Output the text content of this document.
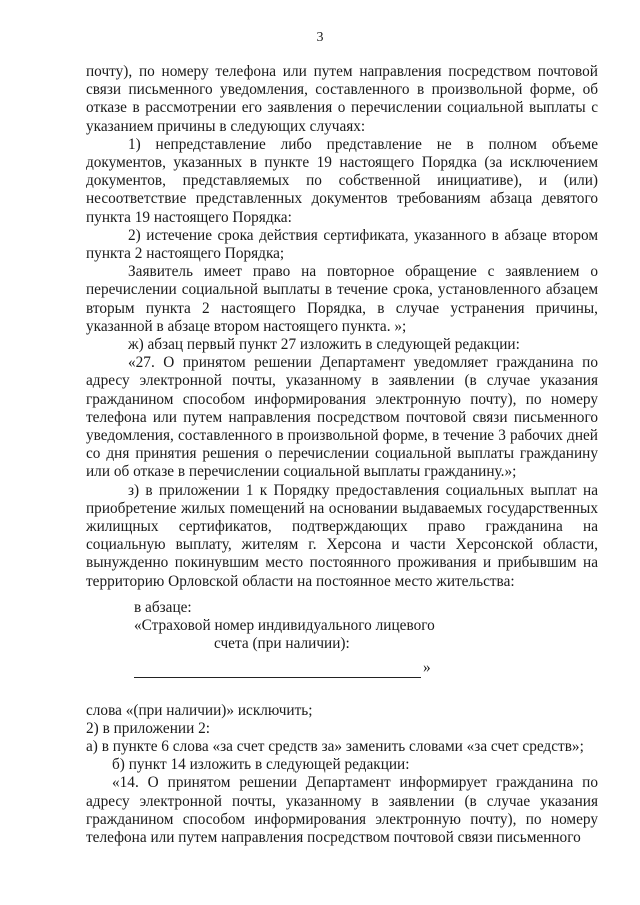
3

почту), по номеру телефона или путем направления посредством почтовой связи письменного уведомления, составленного в произвольной форме, об отказе в рассмотрении его заявления о перечислении социальной выплаты с указанием причины в следующих случаях:

1) непредставление либо представление не в полном объеме документов, указанных в пункте 19 настоящего Порядка (за исключением документов, представляемых по собственной инициативе), и (или) несоответствие представленных документов требованиям абзаца девятого пункта 19 настоящего Порядка:

2) истечение срока действия сертификата, указанного в абзаце втором пункта 2 настоящего Порядка;

Заявитель имеет право на повторное обращение с заявлением о перечислении социальной выплаты в течение срока, установленного абзацем вторым пункта 2 настоящего Порядка, в случае устранения причины, указанной в абзаце втором настоящего пункта. »;

ж) абзац первый пункт 27 изложить в следующей редакции:

«27. О принятом решении Департамент уведомляет гражданина по адресу электронной почты, указанному в заявлении (в случае указания гражданином способом информирования электронную почту), по номеру телефона или путем направления посредством почтовой связи письменного уведомления, составленного в произвольной форме, в течение 3 рабочих дней со дня принятия решения о перечислении социальной выплаты гражданину или об отказе в перечислении социальной выплаты гражданину.»;

з) в приложении 1 к Порядку предоставления социальных выплат на приобретение жилых помещений на основании выдаваемых государственных жилищных сертификатов, подтверждающих право гражданина на социальную выплату, жителям г. Херсона и части Херсонской области, вынужденно покинувшим место постоянного проживания и прибывшим на территорию Орловской области на постоянное место жительства:

в абзаце:
«Страховой номер индивидуального лицевого
счета (при наличии):
»

слова «(при наличии)» исключить;

2) в приложении 2:

а) в пункте 6 слова «за счет средств за» заменить словами «за счет средств»;

б) пункт 14 изложить в следующей редакции:

«14. О принятом решении Департамент информирует гражданина по адресу электронной почты, указанному в заявлении (в случае указания гражданином способом информирования электронную почту), по номеру телефона или путем направления посредством почтовой связи письменного
